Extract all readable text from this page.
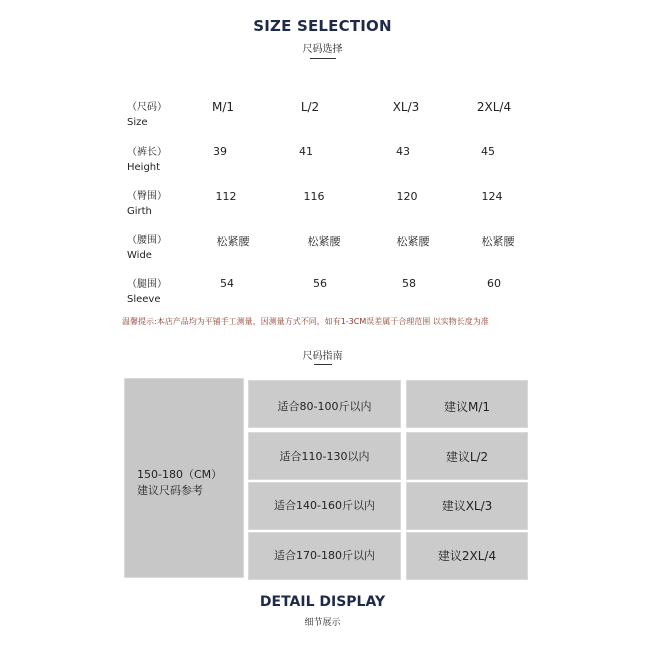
SIZE SELECTION
尺码选择
（尺码）
Size
M/1	L/2	XL/3	2XL/4
（裤长）
Height
39	41	43	45
（臀围）
Girth
112	116	120	124
（腰围）
Wide
松紧腰	松紧腰	松紧腰	松紧腰
（腿围）
Sleeve
54	56	58	60
温馨提示:本店产品均为平铺手工测量，因测量方式不同，如有1-3CM误差属于合理范围 以实物长度为准
尺码指南
150-180（CM）
建议尺码参考
适合80-100斤以内	建议M/1
适合110-130以内	建议L/2
适合140-160斤以内	建议XL/3
适合170-180斤以内	建议2XL/4
DETAIL DISPLAY
细节展示
